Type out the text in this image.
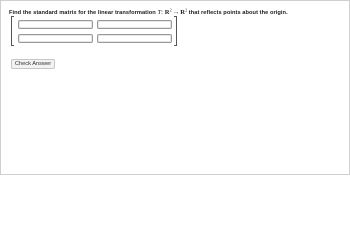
Find the standard matrix for the linear transformation T: $R^2\to R^2$ that reflects points about the origin.
Check Answer
